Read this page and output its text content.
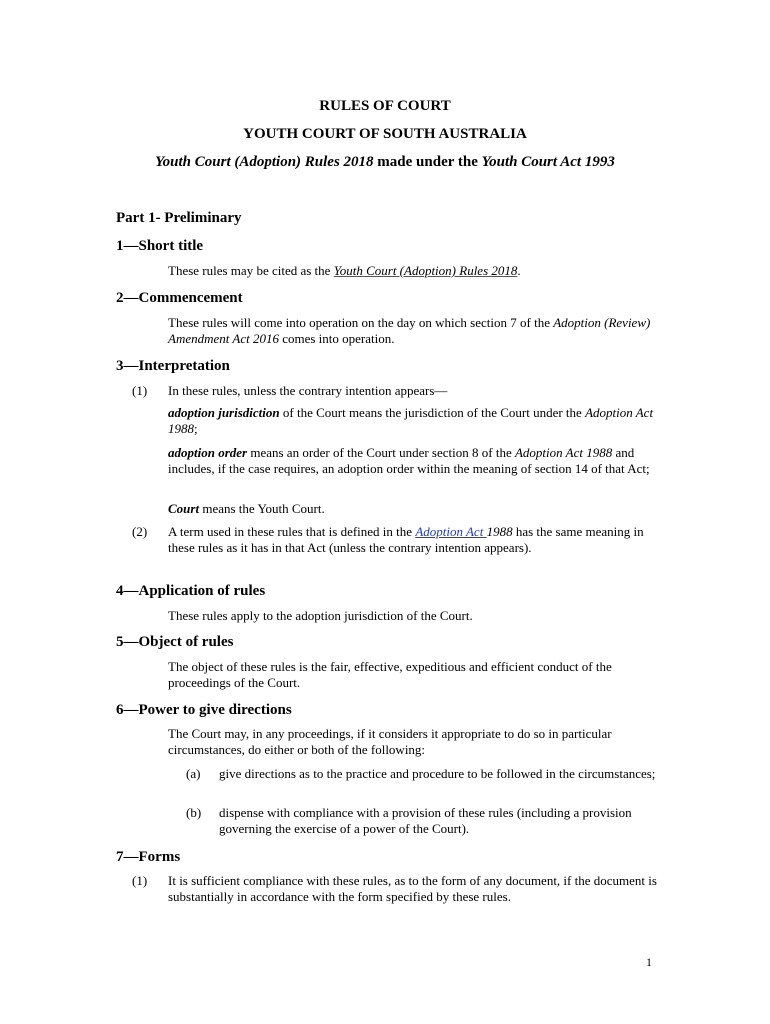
RULES OF COURT
YOUTH COURT OF SOUTH AUSTRALIA
Youth Court (Adoption) Rules 2018 made under the Youth Court Act 1993
Part 1- Preliminary
1—Short title
These rules may be cited as the Youth Court (Adoption) Rules 2018.
2—Commencement
These rules will come into operation on the day on which section 7 of the Adoption (Review) Amendment Act 2016 comes into operation.
3—Interpretation
(1) In these rules, unless the contrary intention appears—
adoption jurisdiction of the Court means the jurisdiction of the Court under the Adoption Act 1988;
adoption order means an order of the Court under section 8 of the Adoption Act 1988 and includes, if the case requires, an adoption order within the meaning of section 14 of that Act;
Court means the Youth Court.
(2) A term used in these rules that is defined in the Adoption Act 1988 has the same meaning in these rules as it has in that Act (unless the contrary intention appears).
4—Application of rules
These rules apply to the adoption jurisdiction of the Court.
5—Object of rules
The object of these rules is the fair, effective, expeditious and efficient conduct of the proceedings of the Court.
6—Power to give directions
The Court may, in any proceedings, if it considers it appropriate to do so in particular circumstances, do either or both of the following:
(a) give directions as to the practice and procedure to be followed in the circumstances;
(b) dispense with compliance with a provision of these rules (including a provision governing the exercise of a power of the Court).
7—Forms
(1) It is sufficient compliance with these rules, as to the form of any document, if the document is substantially in accordance with the form specified by these rules.
1
